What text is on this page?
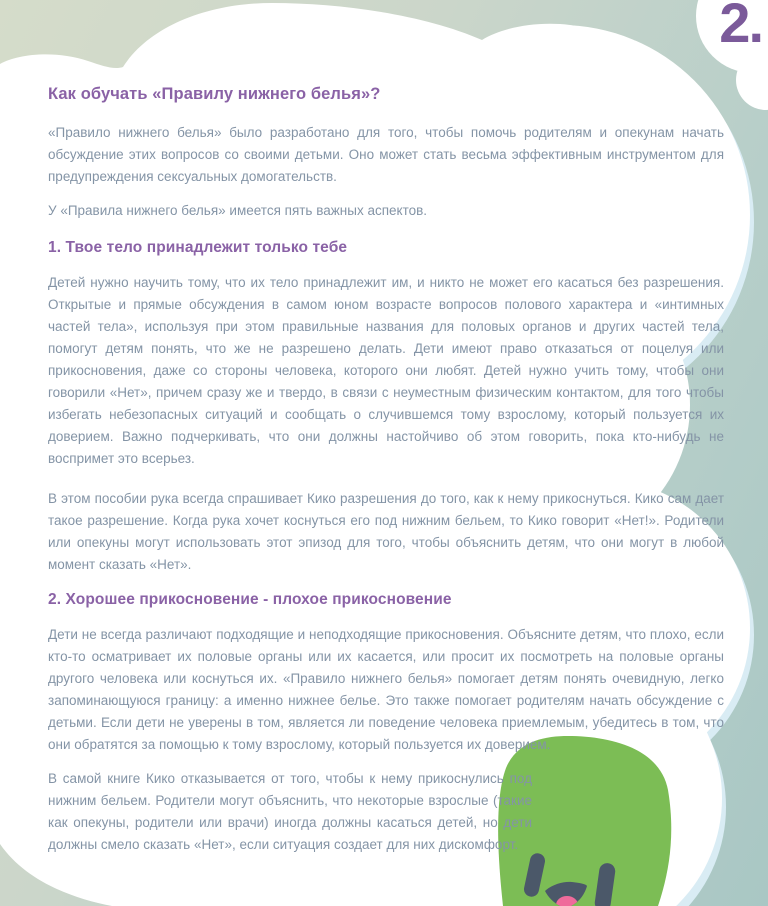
2.
Как обучать «Правилу нижнего белья»?

«Правило нижнего белья» было разработано для того, чтобы помочь родителям и опекунам начать обсуждение этих вопросов со своими детьми. Оно может стать весьма эффективным инструментом для предупреждения сексуальных домогательств.

У «Правила нижнего белья» имеется пять важных аспектов.

1. Твое тело принадлежит только тебе

Детей нужно научить тому, что их тело принадлежит им, и никто не может его касаться без разрешения. Открытые и прямые обсуждения в самом юном возрасте вопросов полового характера и «интимных частей тела», используя при этом правильные названия для половых органов и других частей тела, помогут детям понять, что же не разрешено делать. Дети имеют право отказаться от поцелуя или прикосновения, даже со стороны человека, которого они любят. Детей нужно учить тому, чтобы они говорили «Нет», причем сразу же и твердо, в связи с неуместным физическим контактом, для того чтобы избегать небезопасных ситуаций и сообщать о случившемся тому взрослому, который пользуется их доверием. Важно подчеркивать, что они должны настойчиво об этом говорить, пока кто-нибудь не воспримет это всерьез.

В этом пособии рука всегда спрашивает Кико разрешения до того, как к нему прикоснуться. Кико сам дает такое разрешение. Когда рука хочет коснуться его под нижним бельем, то Кико говорит «Нет!». Родители или опекуны могут использовать этот эпизод для того, чтобы объяснить детям, что они могут в любой момент сказать «Нет».

2. Хорошее прикосновение - плохое прикосновение

Дети не всегда различают подходящие и неподходящие прикосновения. Объясните детям, что плохо, если кто-то осматривает их половые органы или их касается, или просит их посмотреть на половые органы другого человека или коснуться их. «Правило нижнего белья» помогает детям понять очевидную, легко запоминающуюся границу: а именно нижнее белье. Это также помогает родителям начать обсуждение с детьми. Если дети не уверены в том, является ли поведение человека приемлемым, убедитесь в том, что они обратятся за помощью к тому взрослому, который пользуется их доверием.

В самой книге Кико отказывается от того, чтобы к нему прикоснулись под нижним бельем. Родители могут объяснить, что некоторые взрослые (такие как опекуны, родители или врачи) иногда должны касаться детей, но дети должны смело сказать «Нет», если ситуация создает для них дискомфорт.
